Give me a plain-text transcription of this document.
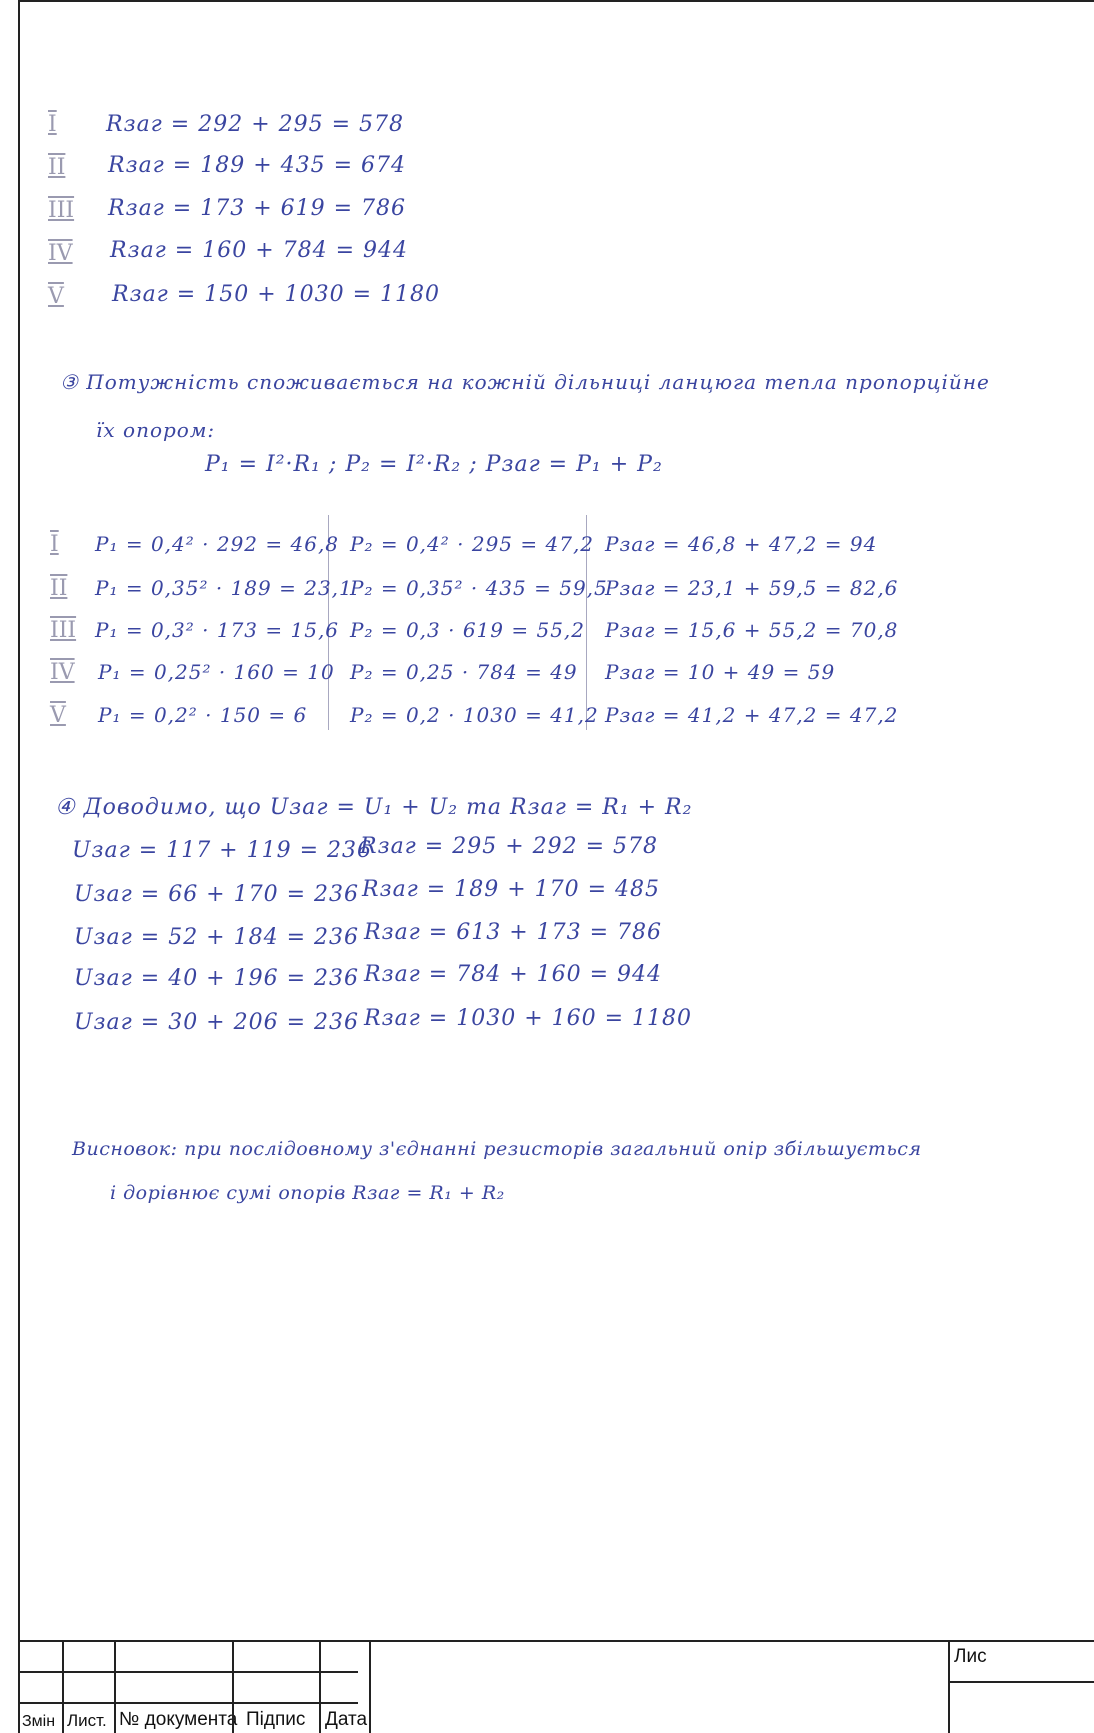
I Rзаг = 292 + 295 = 578
II Rзаг = 189 + 435 = 674
III Rзаг = 173 + 619 = 786
IV Rзаг = 160 + 784 = 944
V Rзаг = 150 + 1030 = 1180
③ Потужність споживається на кожній дільниці ланцюга тепла пропорційне
їх опором:
P₁ = I²·R₁ ; P₂ = I²·R₂ ; Pзаг = P₁ + P₂
I P₁ = 0,4² · 292 = 46,8 P₂ = 0,4² · 295 = 47,2 Pзаг = 46,8 + 47,2 = 94
II P₁ = 0,35² · 189 = 23,1
P₂ = 0,35² · 435 = 59,5
Pзаг = 23,1 + 59,5 = 82,6
III P₁ = 0,3² · 173 = 15,6 P₂ = 0,3 · 619 = 55,2 Pзаг = 15,6 + 55,2 = 70,8
IV P₁ = 0,25² · 160 = 10 P₂ = 0,25 · 784 = 49 Pзаг = 10 + 49 = 59
V P₁ = 0,2² · 150 = 6 P₂ = 0,2 · 1030 = 41,2 Pзаг = 41,2 + 47,2 = 47,2
④ Доводимо, що Uзаг = U₁ + U₂ та Rзаг = R₁ + R₂
Uзаг = 117 + 119 = 236
Rзаг = 295 + 292 = 578
Uзаг = 66 + 170 = 236 Rзаг = 189 + 170 = 485
Uзаг = 52 + 184 = 236 Rзаг = 613 + 173 = 786
Uзаг = 40 + 196 = 236 Rзаг = 784 + 160 = 944
Uзаг = 30 + 206 = 236 Rзаг = 1030 + 160 = 1180
Висновок: при послідовному з'єднанні резисторів загальний опір збільшується
і дорівнює сумі опорів Rзаг = R₁ + R₂
Змін Лист. № документа Підпис Дата
Лис
